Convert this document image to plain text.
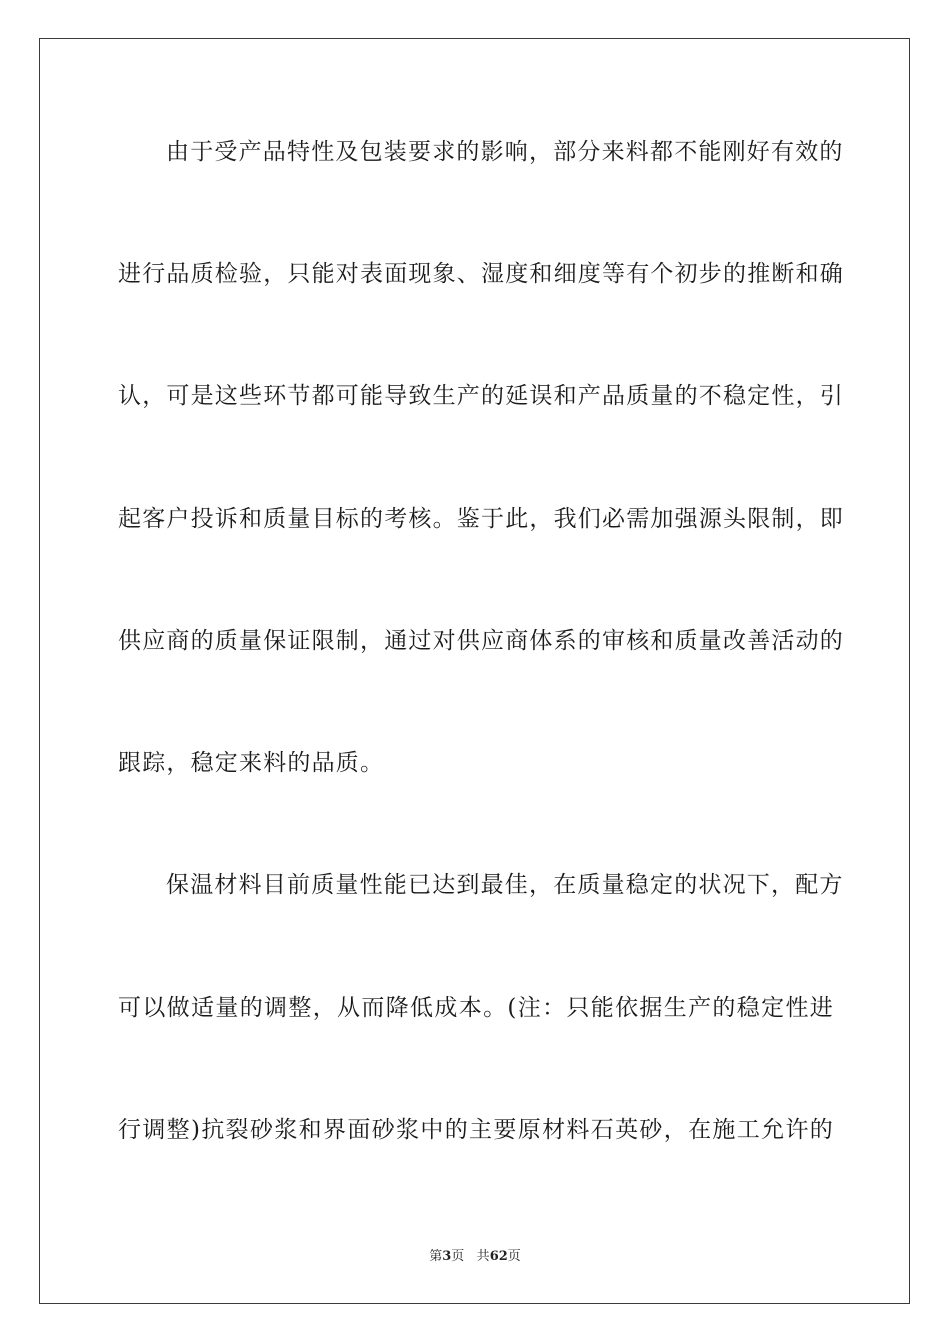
由于受产品特性及包装要求的影响，部分来料都不能刚好有效的
进行品质检验，只能对表面现象、湿度和细度等有个初步的推断和确
认，可是这些环节都可能导致生产的延误和产品质量的不稳定性，引
起客户投诉和质量目标的考核。鉴于此，我们必需加强源头限制，即
供应商的质量保证限制，通过对供应商体系的审核和质量改善活动的
跟踪，稳定来料的品质。
保温材料目前质量性能已达到最佳，在质量稳定的状况下，配方
可以做适量的调整，从而降低成本。(注：只能依据生产的稳定性进
行调整)抗裂砂浆和界面砂浆中的主要原材料石英砂，在施工允许的
第3页 共62页
